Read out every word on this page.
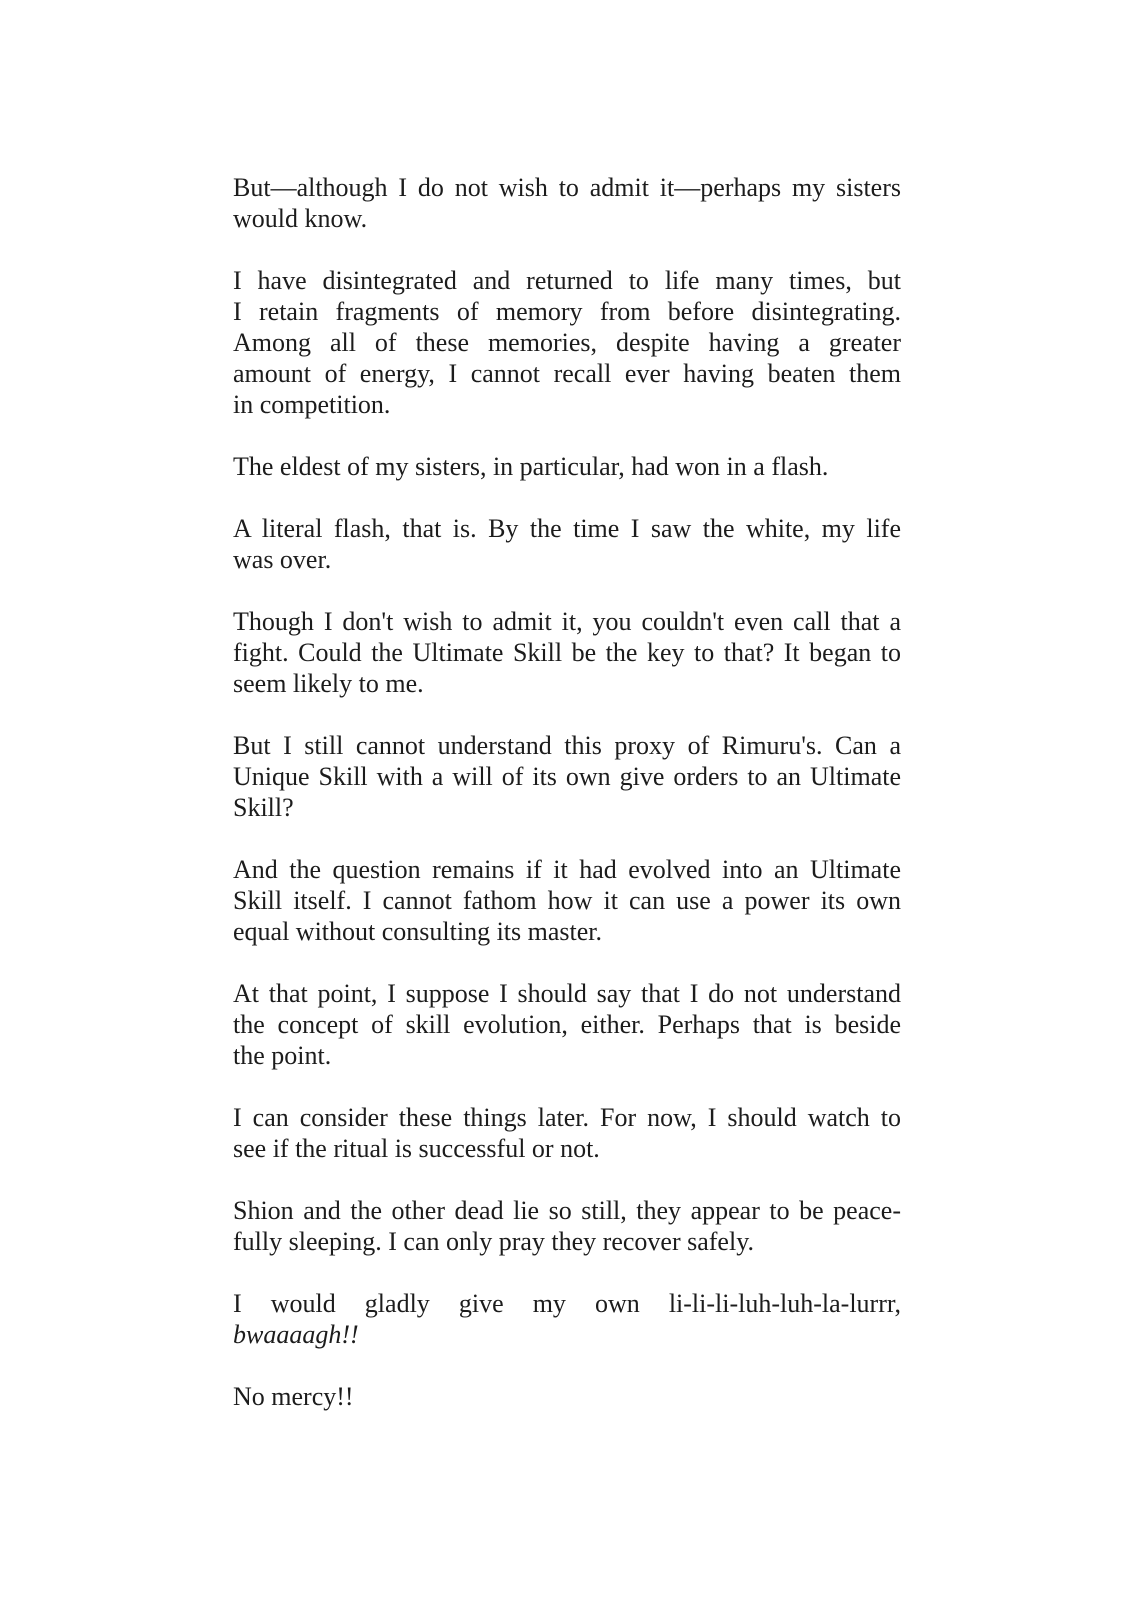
But—although I do not wish to admit it—perhaps my sisters
would know.
I have disintegrated and returned to life many times, but
I retain fragments of memory from before disintegrating.
Among all of these memories, despite having a greater
amount of energy, I cannot recall ever having beaten them
in competition.
The eldest of my sisters, in particular, had won in a flash.
A literal flash, that is. By the time I saw the white, my life
was over.
Though I don't wish to admit it, you couldn't even call that a
fight. Could the Ultimate Skill be the key to that? It began to
seem likely to me.
But I still cannot understand this proxy of Rimuru's. Can a
Unique Skill with a will of its own give orders to an Ultimate
Skill?
And the question remains if it had evolved into an Ultimate
Skill itself. I cannot fathom how it can use a power its own
equal without consulting its master.
At that point, I suppose I should say that I do not understand
the concept of skill evolution, either. Perhaps that is beside
the point.
I can consider these things later. For now, I should watch to
see if the ritual is successful or not.
Shion and the other dead lie so still, they appear to be peace-
fully sleeping. I can only pray they recover safely.
I would gladly give my own li-li-li-luh-luh-la-lurrr,
bwaaaagh!!
No mercy!!
